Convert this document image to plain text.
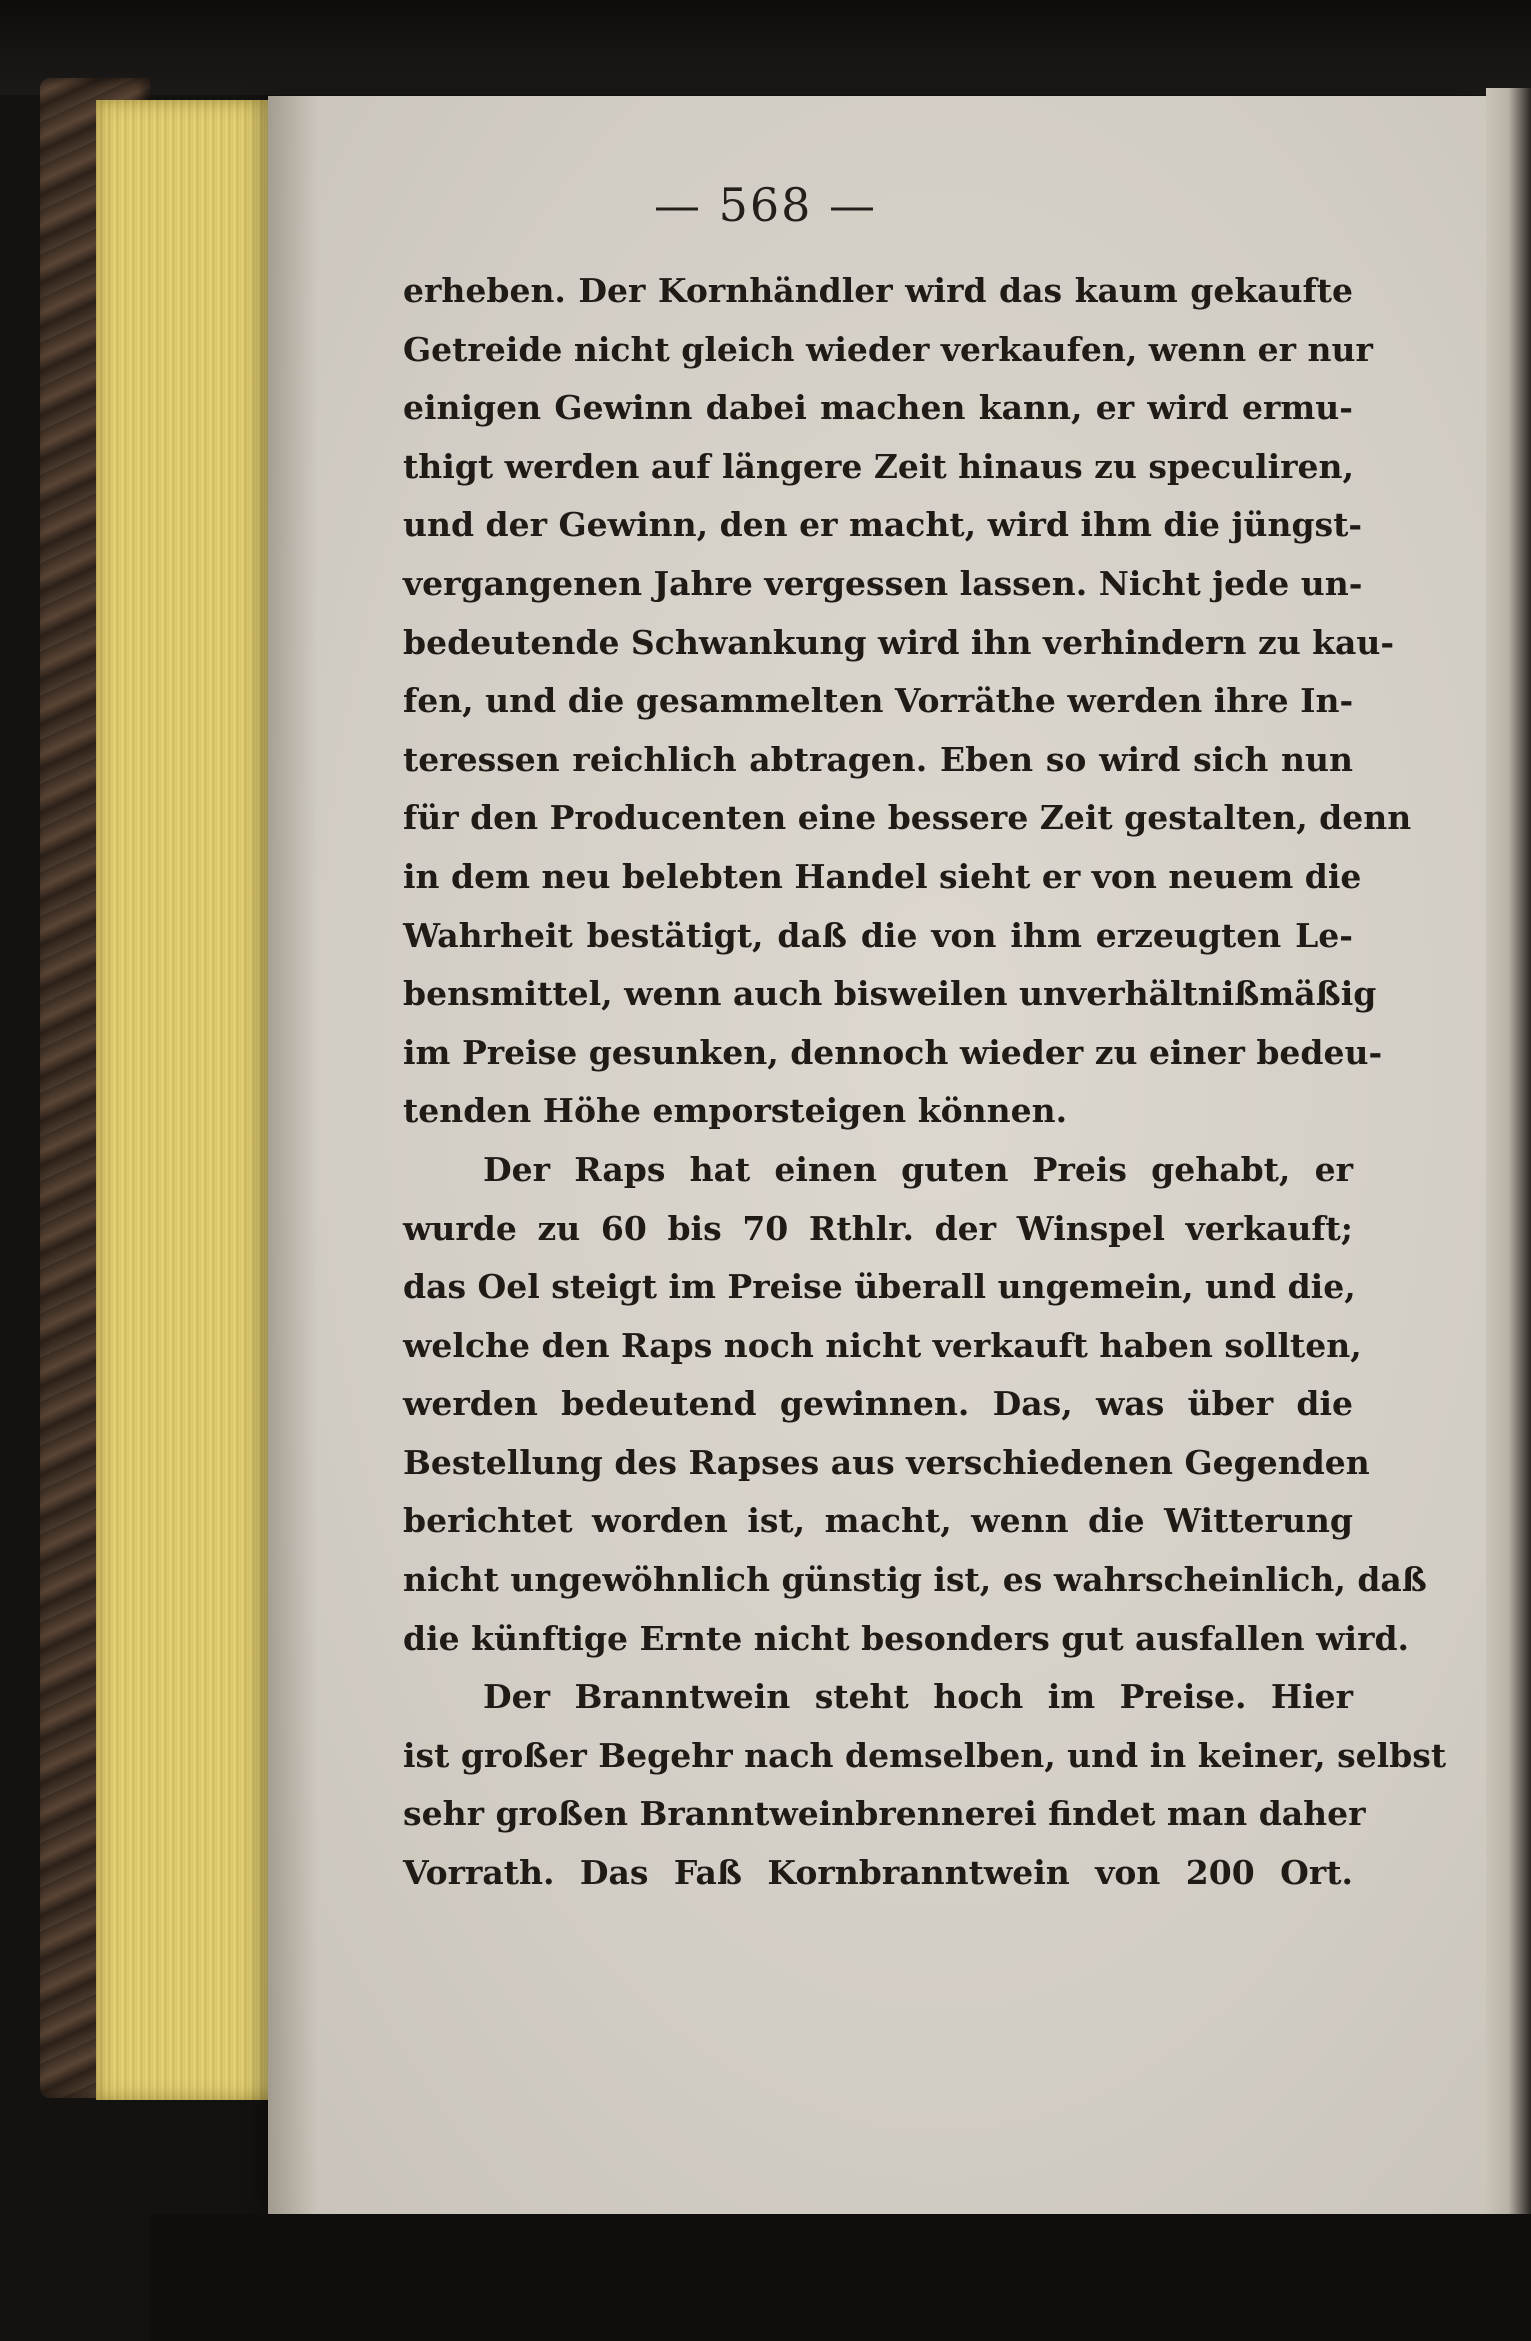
— 568 —
erheben. Der Kornhändler wird das kaum gekaufte
Getreide nicht gleich wieder verkaufen, wenn er nur
einigen Gewinn dabei machen kann, er wird ermu-
thigt werden auf längere Zeit hinaus zu speculiren,
und der Gewinn, den er macht, wird ihm die jüngst-
vergangenen Jahre vergessen lassen. Nicht jede un-
bedeutende Schwankung wird ihn verhindern zu kau-
fen, und die gesammelten Vorräthe werden ihre In-
teressen reichlich abtragen. Eben so wird sich nun
für den Producenten eine bessere Zeit gestalten, denn
in dem neu belebten Handel sieht er von neuem die
Wahrheit bestätigt, daß die von ihm erzeugten Le-
bensmittel, wenn auch bisweilen unverhältnißmäßig
im Preise gesunken, dennoch wieder zu einer bedeu-
tenden Höhe emporsteigen können.
Der Raps hat einen guten Preis gehabt, er
wurde zu 60 bis 70 Rthlr. der Winspel verkauft;
das Oel steigt im Preise überall ungemein, und die,
welche den Raps noch nicht verkauft haben sollten,
werden bedeutend gewinnen. Das, was über die
Bestellung des Rapses aus verschiedenen Gegenden
berichtet worden ist, macht, wenn die Witterung
nicht ungewöhnlich günstig ist, es wahrscheinlich, daß
die künftige Ernte nicht besonders gut ausfallen wird.
Der Branntwein steht hoch im Preise. Hier
ist großer Begehr nach demselben, und in keiner, selbst
sehr großen Branntweinbrennerei findet man daher
Vorrath. Das Faß Kornbranntwein von 200 Ort.
